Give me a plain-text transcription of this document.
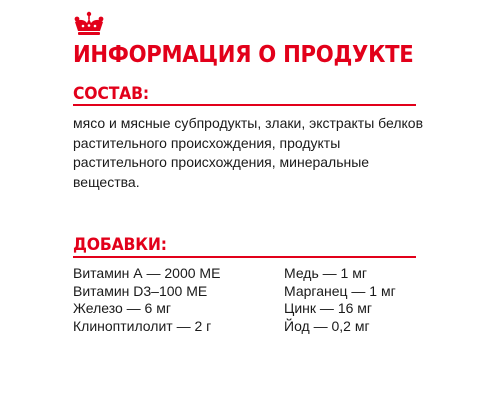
ИНФОРМАЦИЯ О ПРОДУКТЕ
СОСТАВ:

мясо и мясные субпродукты, злаки, экстракты белков растительного происхождения, продукты растительного происхождения, минеральные вещества.

ДОБАВКИ:
Витамин А — 2000 МЕ
Витамин D3–100 МЕ
Железо — 6 мг
Клиноптилолит — 2 г
Медь — 1 мг
Марганец — 1 мг
Цинк — 16 мг
Йод — 0,2 мг
